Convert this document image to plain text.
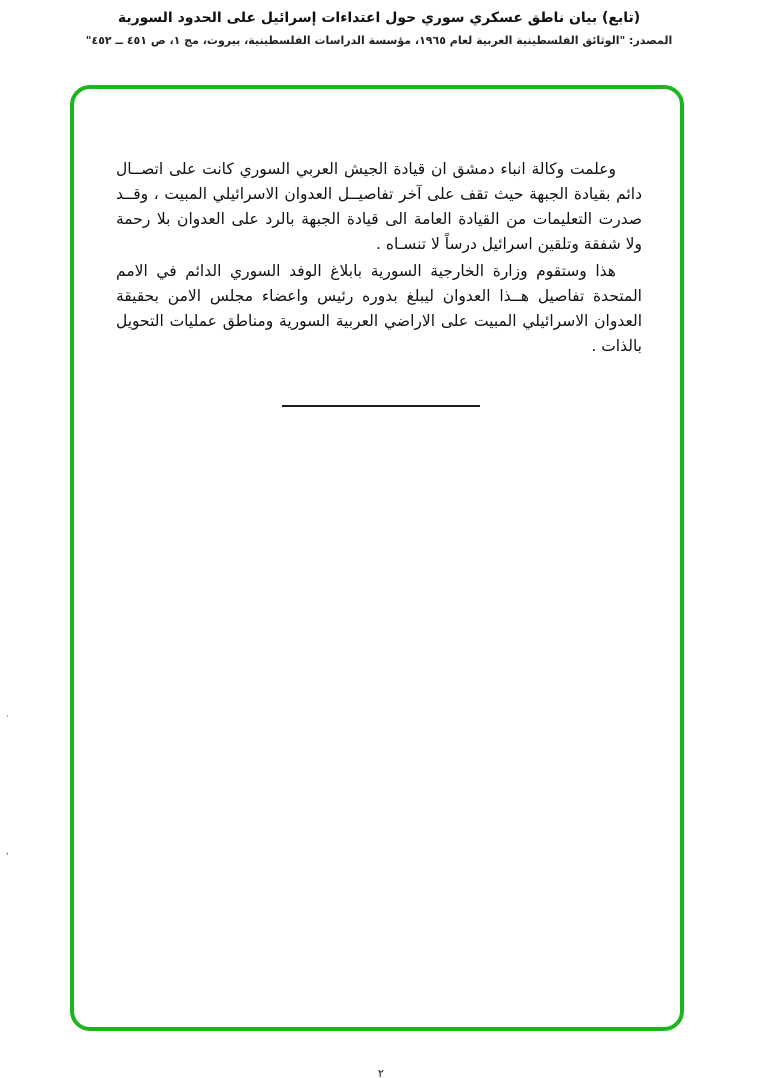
(تابع) بيان ناطق عسكري سوري حول اعتداءات إسرائيل على الحدود السورية
المصدر: "الوثائق الفلسطينية العربية لعام ١٩٦٥، مؤسسة الدراسات الفلسطينية، بيروت، مج ١، ص ٤٥١ ــ ٤٥٢"

وعلمت وكالة انباء دمشق ان قيادة الجيش العربي السوري كانت على اتصــال دائم بقيادة الجبهة حيث تقف على آخر تفاصيــل العدوان الاسرائيلي المبيت ، وقــد صدرت التعليمات من القيادة العامة الى قيادة الجبهة بالرد على العدوان بلا رحمة ولا شفقة وتلقين اسرائيل درساً لا تنسـاه .

هذا وستقوم وزارة الخارجية السورية بابلاغ الوفد السوري الدائم في الامم المتحدة تفاصيل هــذا العدوان ليبلغ بدوره رئيس واعضاء مجلس الامن بحقيقة العدوان الاسرائيلي المبيت على الاراضي العربية السورية ومناطق عمليات التحويل بالذات .

·
'
٢
